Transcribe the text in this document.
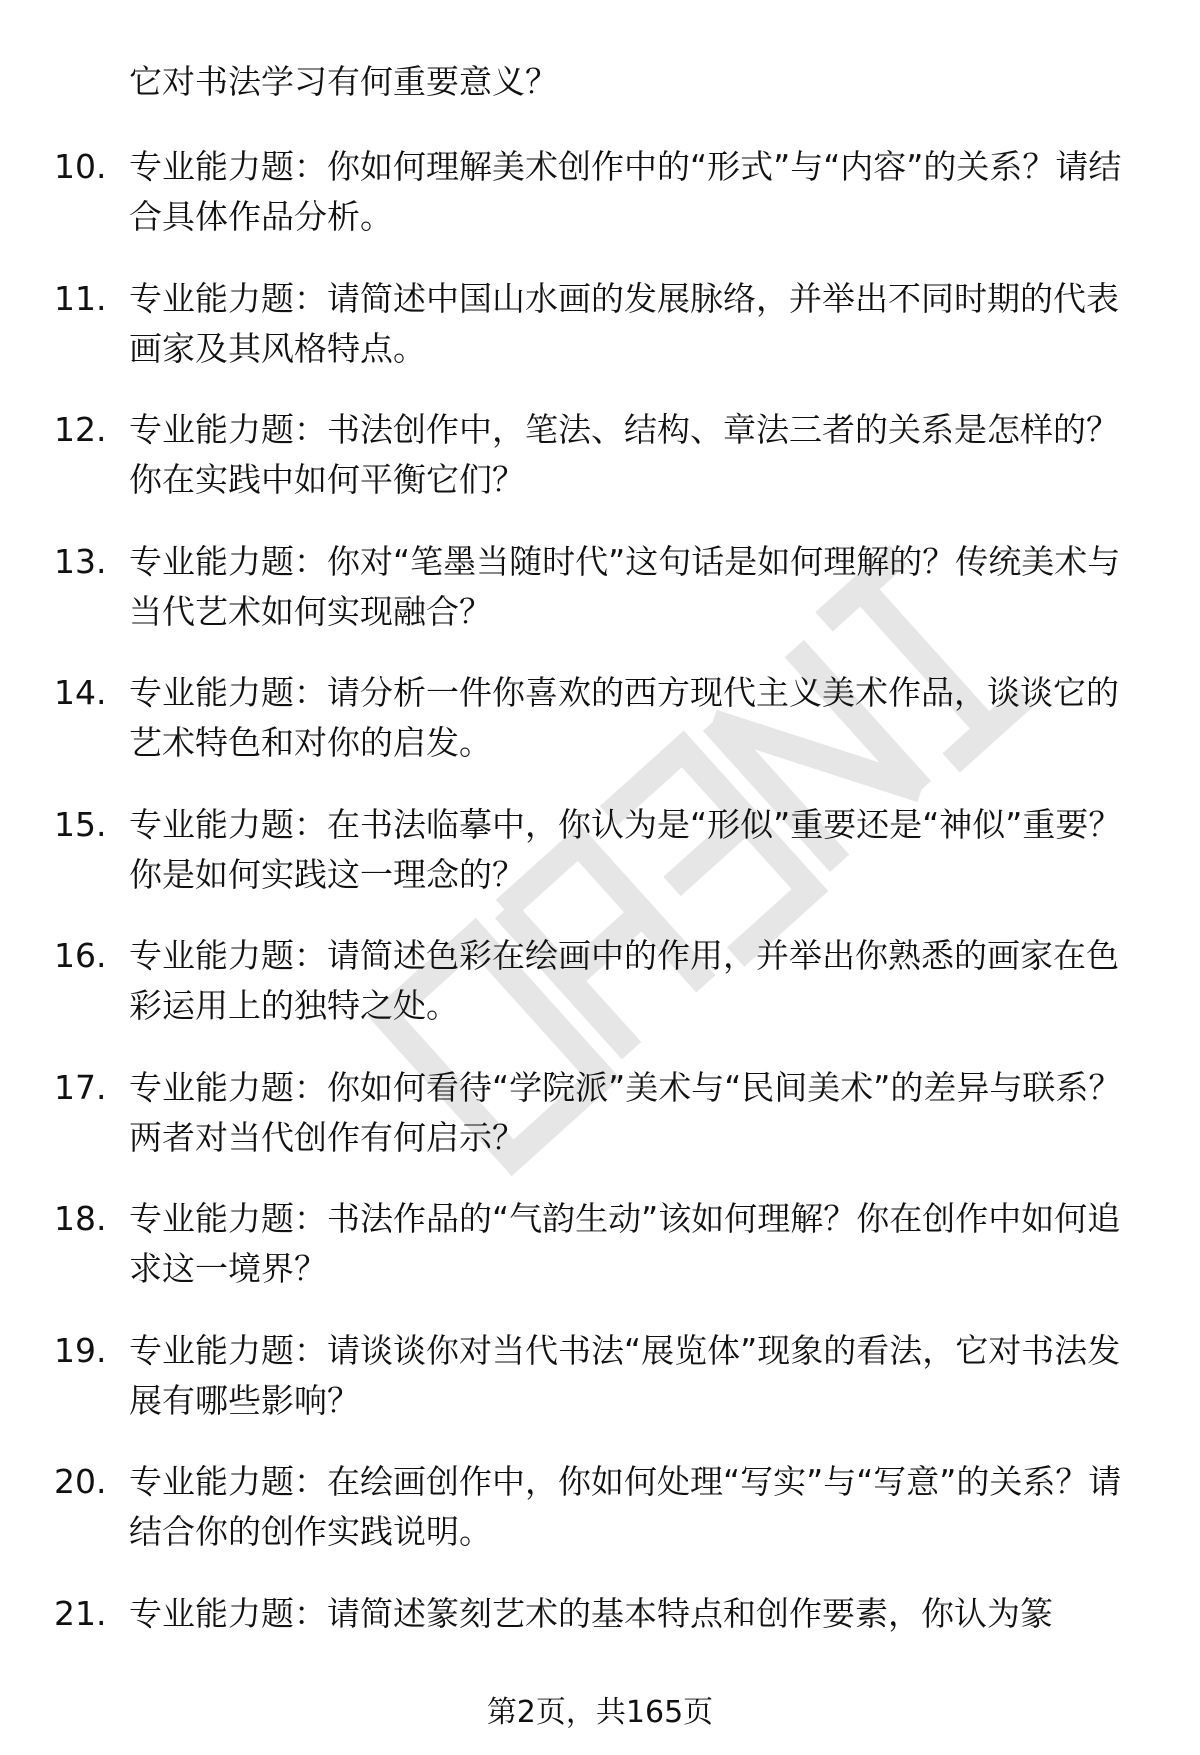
它对书法学习有何重要意义？
10. 专业能力题：你如何理解美术创作中的“形式”与“内容”的关系？请结合具体作品分析。
11. 专业能力题：请简述中国山水画的发展脉络，并举出不同时期的代表画家及其风格特点。
12. 专业能力题：书法创作中，笔法、结构、章法三者的关系是怎样的？你在实践中如何平衡它们？
13. 专业能力题：你对“笔墨当随时代”这句话是如何理解的？传统美术与当代艺术如何实现融合？
14. 专业能力题：请分析一件你喜欢的西方现代主义美术作品，谈谈它的艺术特色和对你的启发。
15. 专业能力题：在书法临摹中，你认为是“形似”重要还是“神似”重要？你是如何实践这一理念的？
16. 专业能力题：请简述色彩在绘画中的作用，并举出你熟悉的画家在色彩运用上的独特之处。
17. 专业能力题：你如何看待“学院派”美术与“民间美术”的差异与联系？两者对当代创作有何启示？
18. 专业能力题：书法作品的“气韵生动”该如何理解？你在创作中如何追求这一境界？
19. 专业能力题：请谈谈你对当代书法“展览体”现象的看法，它对书法发展有哪些影响？
20. 专业能力题：在绘画创作中，你如何处理“写实”与“写意”的关系？请结合你的创作实践说明。
21. 专业能力题：请简述篆刻艺术的基本特点和创作要素，你认为篆
第2页，共165页
